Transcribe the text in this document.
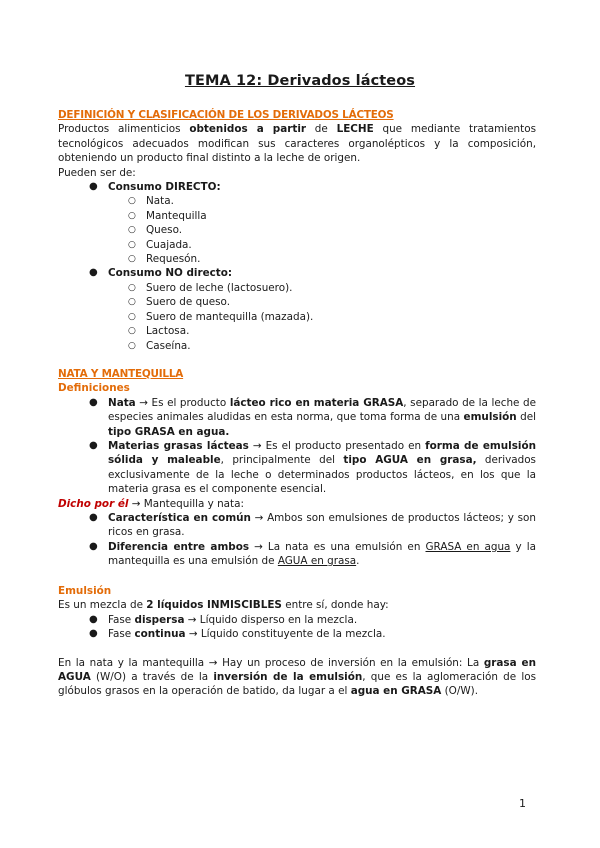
TEMA 12: Derivados lácteos

DEFINICIÓN Y CLASIFICACIÓN DE LOS DERIVADOS LÁCTEOS

Productos alimenticios obtenidos a partir de LECHE que mediante tratamientos tecnológicos adecuados modifican sus caracteres organolépticos y la composición, obteniendo un producto final distinto a la leche de origen.

Pueden ser de:

● Consumo DIRECTO:
○ Nata.
○ Mantequilla
○ Queso.
○ Cuajada.
○ Requesón.
● Consumo NO directo:
○ Suero de leche (lactosuero).
○ Suero de queso.
○ Suero de mantequilla (mazada).
○ Lactosa.
○ Caseína.

NATA Y MANTEQUILLA

Definiciones

● Nata → Es el producto lácteo rico en materia GRASA, separado de la leche de especies animales aludidas en esta norma, que toma forma de una emulsión del tipo GRASA en agua.
● Materias grasas lácteas → Es el producto presentado en forma de emulsión sólida y maleable, principalmente del tipo AGUA en grasa, derivados exclusivamente de la leche o determinados productos lácteos, en los que la materia grasa es el componente esencial.

Dicho por él → Mantequilla y nata:

● Característica en común → Ambos son emulsiones de productos lácteos; y son ricos en grasa.
● Diferencia entre ambos → La nata es una emulsión en GRASA en agua y la mantequilla es una emulsión de AGUA en grasa.

Emulsión

Es un mezcla de 2 líquidos INMISCIBLES entre sí, donde hay:

● Fase dispersa → Líquido disperso en la mezcla.
● Fase continua → Líquido constituyente de la mezcla.

En la nata y la mantequilla → Hay un proceso de inversión en la emulsión: La grasa en AGUA (W/O) a través de la inversión de la emulsión, que es la aglomeración de los glóbulos grasos en la operación de batido, da lugar a el agua en GRASA (O/W).

1
